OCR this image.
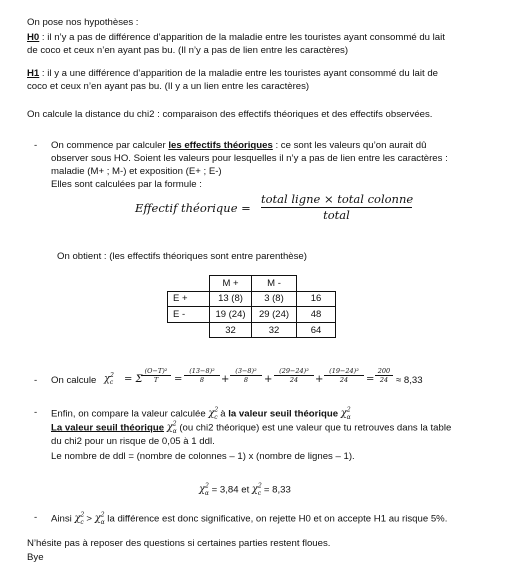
On pose nos hypothèses :
H0 : il n’y a pas de différence d’apparition de la maladie entre les touristes ayant consommé du lait
de coco et ceux n’en ayant pas bu. (Il n’y a pas de lien entre les caractères)
H1 : il y a une différence d’apparition de la maladie entre les touristes ayant consommé du lait de
coco et ceux n’en ayant pas bu. (Il y a un lien entre les caractères)
On calcule la distance du chi2 : comparaison des effectifs théoriques et des effectifs observées.
- On commence par calculer les effectifs théoriques : ce sont les valeurs qu’on aurait dû
observer sous HO. Soient les valeurs pour lesquelles il n’y a pas de lien entre les caractères :
maladie (M+ ; M-) et exposition (E+ ; E-)
Elles sont calculées par la formule :
Effectif théorique =
total ligne × total colonne
total
On obtient : (les effectifs théoriques sont entre parenthèse)
	M +	M -	
E +	13 (8)	3 (8)	16
E -	19 (24)	29 (24)	48
	32	32	64
- On calcule $\chi^2_c = \Sigma$
$\frac{\text{(O−T)²}}{T} = \frac{\text{(13−8)²}}{8} + \frac{\text{(3−8)²}}{8} + \frac{\text{(29−24)²}}{24} + \frac{\text{(19−24)²}}{24} = \frac{200}{24} \approx 8,33$
- Enfin, on compare la valeur calculée $\chi^2_c$ à la valeur seuil théorique $\chi^2_\alpha$
La valeur seuil théorique $\chi^2_\alpha$ (ou chi2 théorique) est une valeur que tu retrouves dans la table
du chi2 pour un risque de 0,05 à 1 ddl.
Le nombre de ddl = (nombre de colonnes – 1) x (nombre de lignes – 1).
$\chi^2_\alpha = 3,84$ et $\chi^2_c = 8,33$
- Ainsi $\chi^2_c > \chi^2_\alpha$ la différence est donc significative, on rejette H0 et on accepte H1 au risque 5%.
N’hésite pas à reposer des questions si certaines parties restent floues.
Bye
